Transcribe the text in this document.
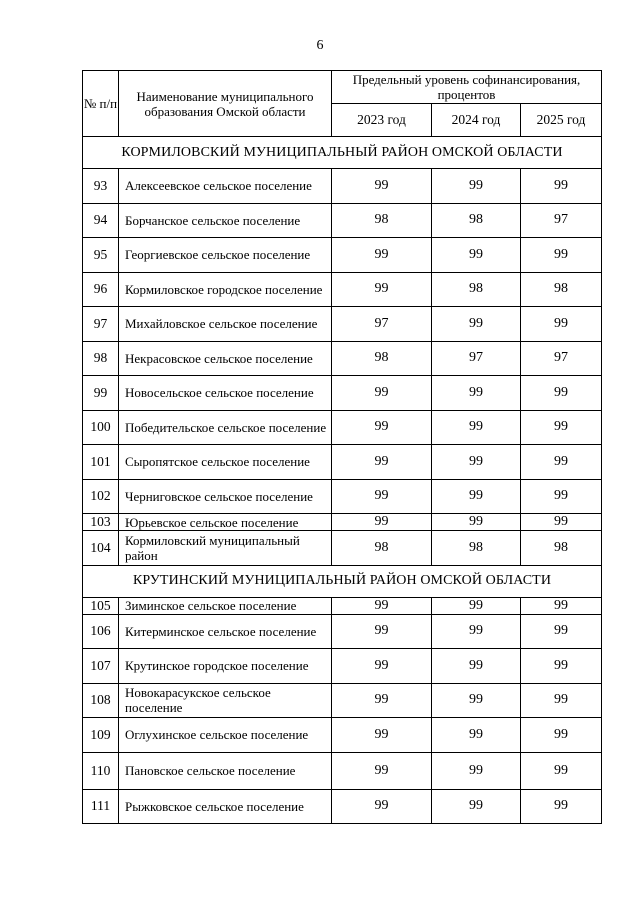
6
№ п/п	Наименование муниципального образования Омской области	Предельный уровень софинансирования, процентов		
		2023 год	2024 год	2025 год
КОРМИЛОВСКИЙ МУНИЦИПАЛЬНЫЙ РАЙОН ОМСКОЙ ОБЛАСТИ				
93	Алексеевское сельское поселение	99	99	99
94	Борчанское сельское поселение	98	98	97
95	Георгиевское сельское поселение	99	99	99
96	Кормиловское городское поселение	99	98	98
97	Михайловское сельское поселение	97	99	99
98	Некрасовское сельское поселение	98	97	97
99	Новосельское сельское поселение	99	99	99
100	Победительское сельское поселение	99	99	99
101	Сыропятское сельское поселение	99	99	99
102	Черниговское сельское поселение	99	99	99
103	Юрьевское сельское поселение	99	99	99
104	Кормиловский муниципальный район	98	98	98
КРУТИНСКИЙ МУНИЦИПАЛЬНЫЙ РАЙОН ОМСКОЙ ОБЛАСТИ				
105	Зиминское сельское поселение	99	99	99
106	Китерминское сельское поселение	99	99	99
107	Крутинское городское поселение	99	99	99
108	Новокарасукское сельское поселение	99	99	99
109	Оглухинское сельское поселение	99	99	99
110	Пановское сельское поселение	99	99	99
111	Рыжковское сельское поселение	99	99	99
